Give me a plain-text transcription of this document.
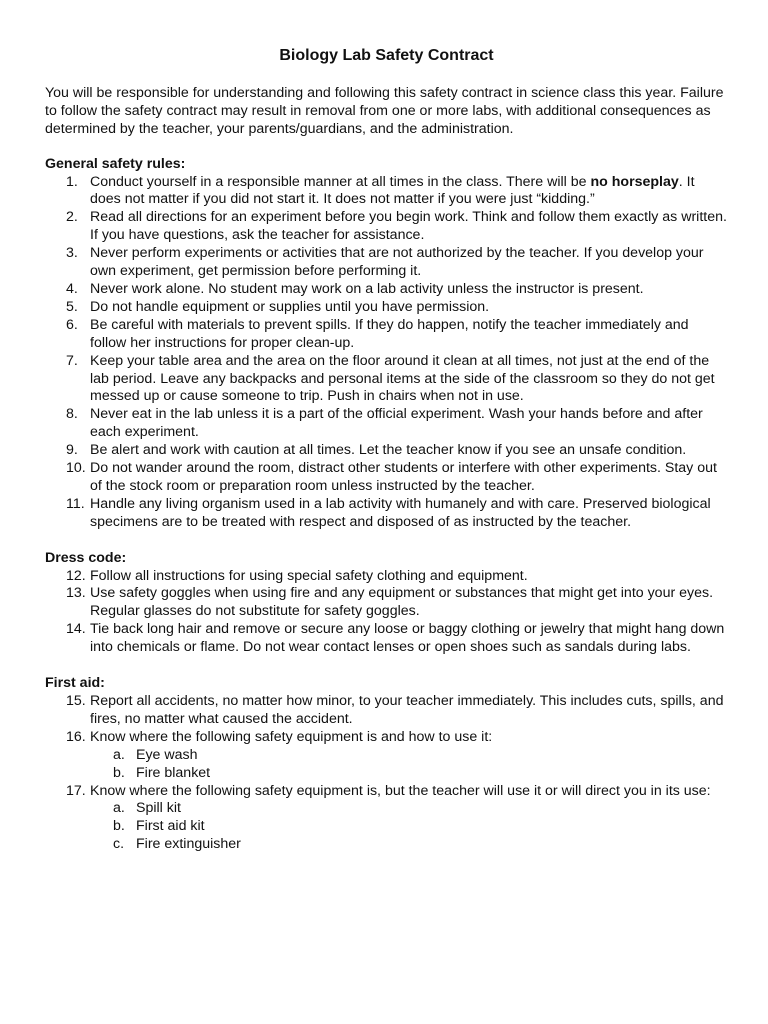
Biology Lab Safety Contract

You will be responsible for understanding and following this safety contract in science class this year. Failure to follow the safety contract may result in removal from one or more labs, with additional consequences as determined by the teacher, your parents/guardians, and the administration.

General safety rules:

1. Conduct yourself in a responsible manner at all times in the class. There will be no horseplay. It does not matter if you did not start it. It does not matter if you were just “kidding.”
2. Read all directions for an experiment before you begin work. Think and follow them exactly as written. If you have questions, ask the teacher for assistance.
3. Never perform experiments or activities that are not authorized by the teacher. If you develop your own experiment, get permission before performing it.
4. Never work alone. No student may work on a lab activity unless the instructor is present.
5. Do not handle equipment or supplies until you have permission.
6. Be careful with materials to prevent spills. If they do happen, notify the teacher immediately and follow her instructions for proper clean-up.
7. Keep your table area and the area on the floor around it clean at all times, not just at the end of the lab period. Leave any backpacks and personal items at the side of the classroom so they do not get messed up or cause someone to trip. Push in chairs when not in use.
8. Never eat in the lab unless it is a part of the official experiment. Wash your hands before and after each experiment.
9. Be alert and work with caution at all times. Let the teacher know if you see an unsafe condition.
10. Do not wander around the room, distract other students or interfere with other experiments. Stay out of the stock room or preparation room unless instructed by the teacher.
11. Handle any living organism used in a lab activity with humanely and with care. Preserved biological specimens are to be treated with respect and disposed of as instructed by the teacher.

Dress code:

12. Follow all instructions for using special safety clothing and equipment.
13. Use safety goggles when using fire and any equipment or substances that might get into your eyes. Regular glasses do not substitute for safety goggles.
14. Tie back long hair and remove or secure any loose or baggy clothing or jewelry that might hang down into chemicals or flame. Do not wear contact lenses or open shoes such as sandals during labs.

First aid:

15. Report all accidents, no matter how minor, to your teacher immediately. This includes cuts, spills, and fires, no matter what caused the accident.
16. Know where the following safety equipment is and how to use it:
a. Eye wash
b. Fire blanket
17. Know where the following safety equipment is, but the teacher will use it or will direct you in its use:
a. Spill kit
b. First aid kit
c. Fire extinguisher
